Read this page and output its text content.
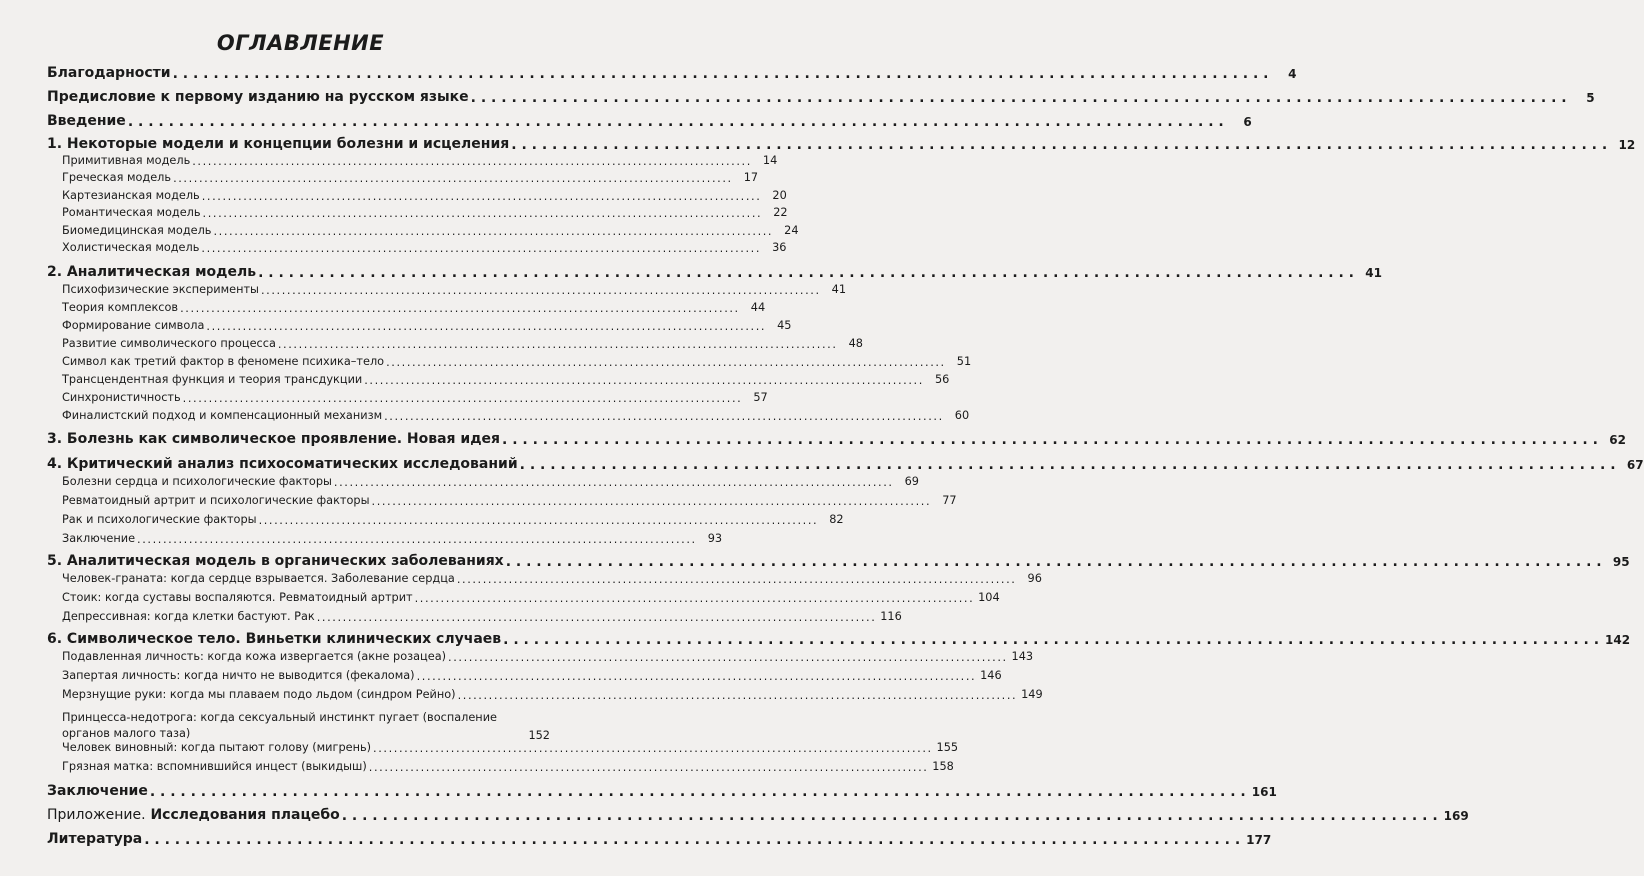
ОГЛАВЛЕНИЕ
Благодарности . . .	4
Предисловие к первому изданию на русском языке . . .	5
Введение . . .	6
1. Некоторые модели и концепции болезни и исцеления . . .	12
Примитивная модель . . .	14
Греческая модель . . .	17
Картезианская модель . . .	20
Романтическая модель . . .	22
Биомедицинская модель . . .	24
Холистическая модель . . .	36
2. Аналитическая модель . . .	41
Психофизические эксперименты . . .	41
Теория комплексов . . .	44
Формирование символа . . .	45
Развитие символического процесса . . .	48
Символ как третий фактор в феномене психика–тело . . .	51
Трансцендентная функция и теория трансдукции . . .	56
Синхронистичность . . .	57
Финалистский подход и компенсационный механизм . . .	60
3. Болезнь как символическое проявление. Новая идея . . .	62
4. Критический анализ психосоматических исследований . . .	67
Болезни сердца и психологические факторы . . .	69
Ревматоидный артрит и психологические факторы . . .	77
Рак и психологические факторы . . .	82
Заключение . . .	93
5. Аналитическая модель в органических заболеваниях . . .	95
Человек-граната: когда сердце взрывается. Заболевание сердца . . .	96
Стоик: когда суставы воспаляются. Ревматоидный артрит . . .	104
Депрессивная: когда клетки бастуют. Рак . . .	116
6. Символическое тело. Виньетки клинических случаев . . .	142
Подавленная личность: когда кожа извергается (акне розацеа) . . .	143
Запертая личность: когда ничто не выводится (фекалома) . . .	146
Мерзнущие руки: когда мы плаваем подо льдом (синдром Рейно) . . .	149
Принцесса-недотрога: когда сексуальный инстинкт пугает (воспаление органов малого таза)	152
Человек виновный: когда пытают голову (мигрень) . . .	155
Грязная матка: вспомнившийся инцест (выкидыш) . . .	158
Заключение . . .	161
Приложение. Исследования плацебо . . .	169
Литература . . .	177
